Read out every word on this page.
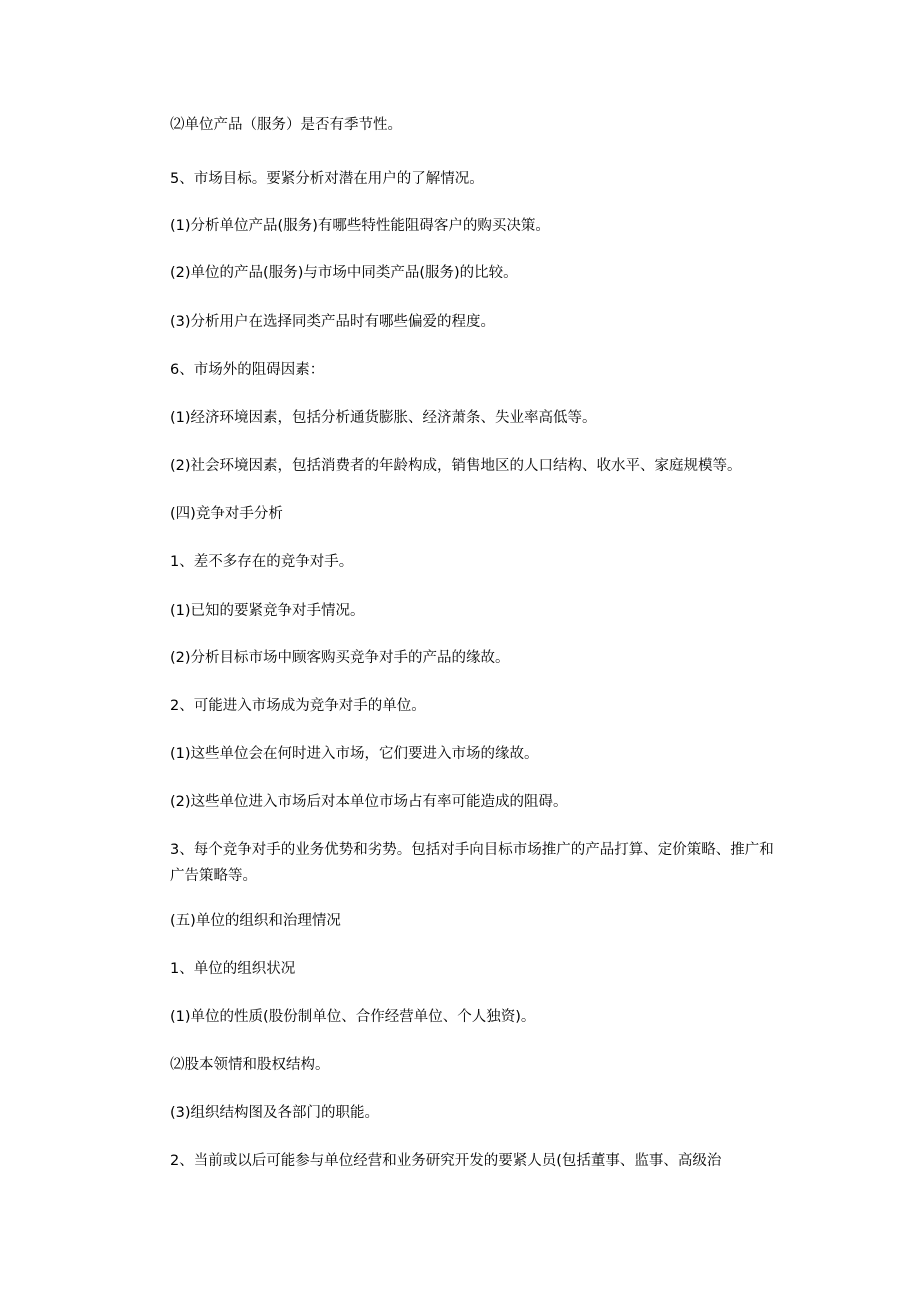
⑵单位产品（服务）是否有季节性。
5、市场目标。要紧分析对潜在用户的了解情况。
(1)分析单位产品(服务)有哪些特性能阻碍客户的购买决策。
(2)单位的产品(服务)与市场中同类产品(服务)的比较。
(3)分析用户在选择同类产品时有哪些偏爱的程度。
6、市场外的阻碍因素：
(1)经济环境因素，包括分析通货膨胀、经济萧条、失业率高低等。
(2)社会环境因素，包括消费者的年龄构成，销售地区的人口结构、收水平、家庭规模等。
(四)竞争对手分析
1、差不多存在的竞争对手。
(1)已知的要紧竞争对手情况。
(2)分析目标市场中顾客购买竞争对手的产品的缘故。
2、可能进入市场成为竞争对手的单位。
(1)这些单位会在何时进入市场，它们要进入市场的缘故。
(2)这些单位进入市场后对本单位市场占有率可能造成的阻碍。
3、每个竞争对手的业务优势和劣势。包括对手向目标市场推广的产品打算、定价策略、推广和广告策略等。
(五)单位的组织和治理情况
1、单位的组织状况
(1)单位的性质(股份制单位、合作经营单位、个人独资)。
⑵股本领情和股权结构。
(3)组织结构图及各部门的职能。
2、当前或以后可能参与单位经营和业务研究开发的要紧人员(包括董事、监事、高级治
